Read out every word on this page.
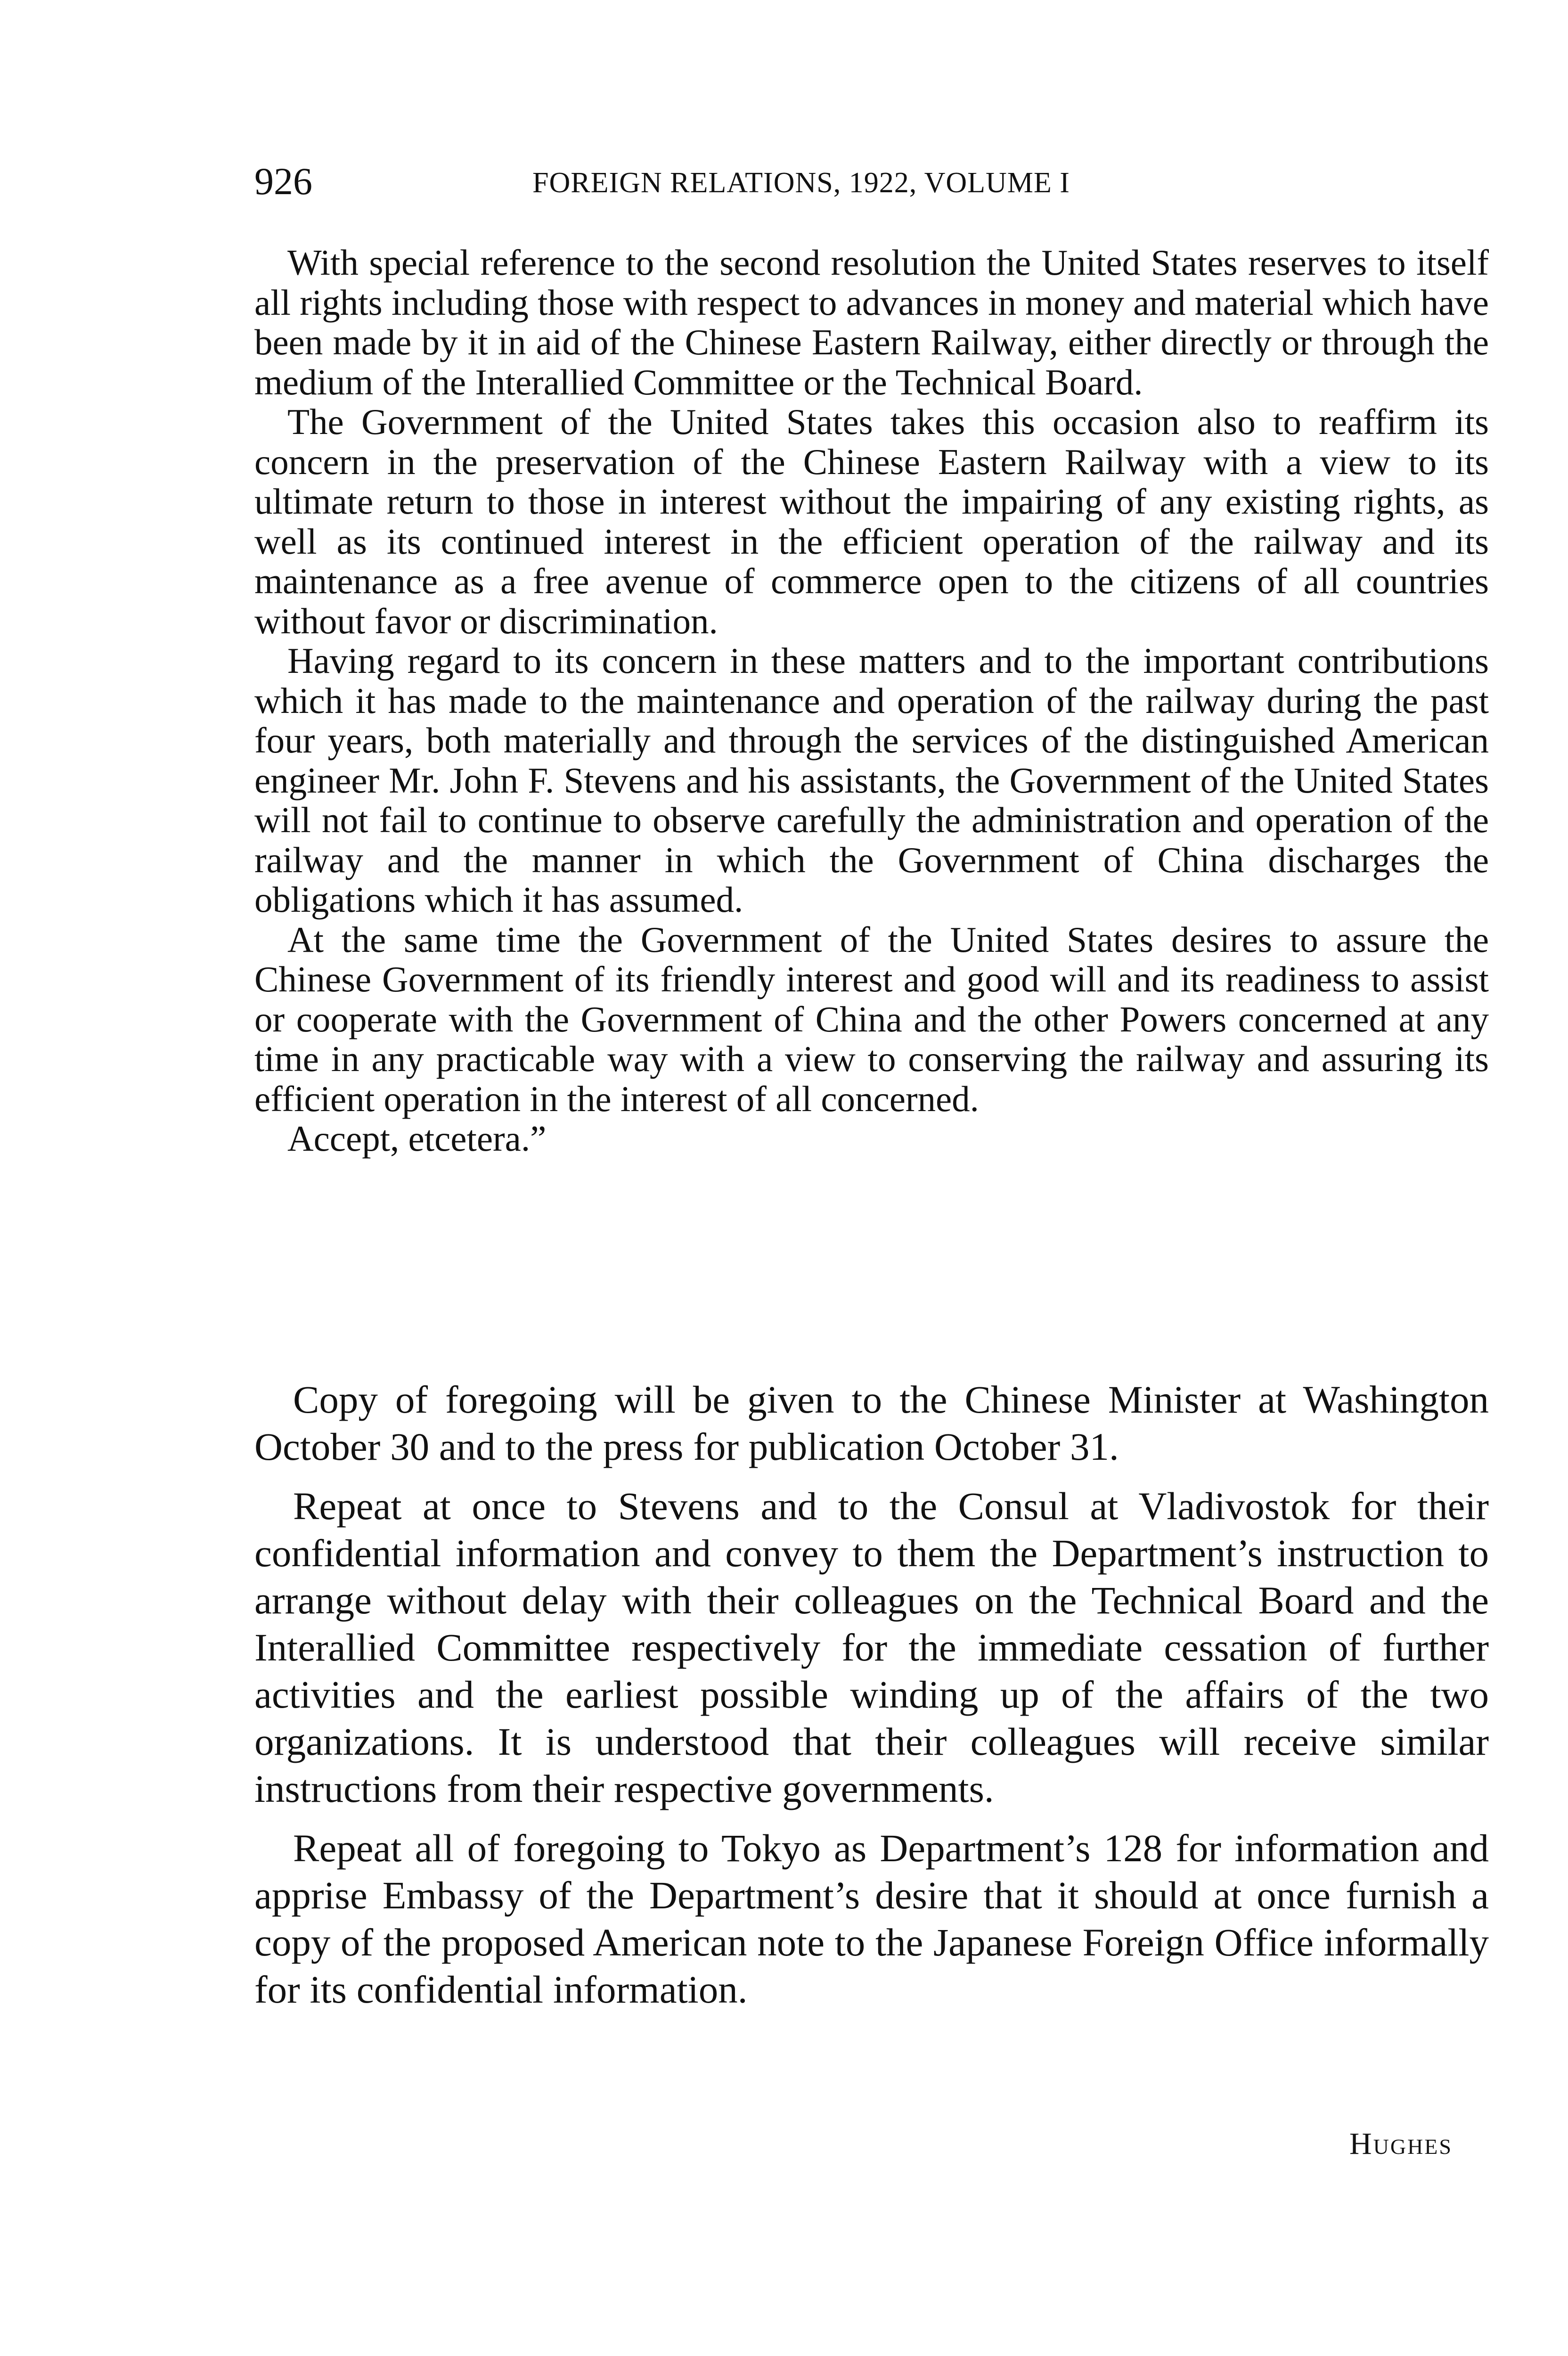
926	FOREIGN RELATIONS, 1922, VOLUME I

With special reference to the second resolution the United States reserves to itself all rights including those with respect to advances in money and material which have been made by it in aid of the Chinese Eastern Railway, either directly or through the medium of the Interallied Committee or the Technical Board.

The Government of the United States takes this occasion also to reaffirm its concern in the preservation of the Chinese Eastern Railway with a view to its ultimate return to those in interest without the impairing of any existing rights, as well as its continued interest in the efficient operation of the railway and its maintenance as a free avenue of commerce open to the citizens of all countries without favor or discrimination.

Having regard to its concern in these matters and to the important contributions which it has made to the maintenance and operation of the railway during the past four years, both materially and through the services of the distinguished American engineer Mr. John F. Stevens and his assistants, the Government of the United States will not fail to continue to observe carefully the administration and operation of the railway and the manner in which the Government of China discharges the obligations which it has assumed.

At the same time the Government of the United States desires to assure the Chinese Government of its friendly interest and good will and its readiness to assist or cooperate with the Government of China and the other Powers concerned at any time in any practicable way with a view to conserving the railway and assuring its efficient operation in the interest of all concerned.

Accept, etcetera.”

Copy of foregoing will be given to the Chinese Minister at Washington October 30 and to the press for publication October 31.

Repeat at once to Stevens and to the Consul at Vladivostok for their confidential information and convey to them the Department’s instruction to arrange without delay with their colleagues on the Technical Board and the Interallied Committee respectively for the immediate cessation of further activities and the earliest possible winding up of the affairs of the two organizations. It is understood that their colleagues will receive similar instructions from their respective governments.

Repeat all of foregoing to Tokyo as Department’s 128 for information and apprise Embassy of the Department’s desire that it should at once furnish a copy of the proposed American note to the Japanese Foreign Office informally for its confidential information.

Hughes
